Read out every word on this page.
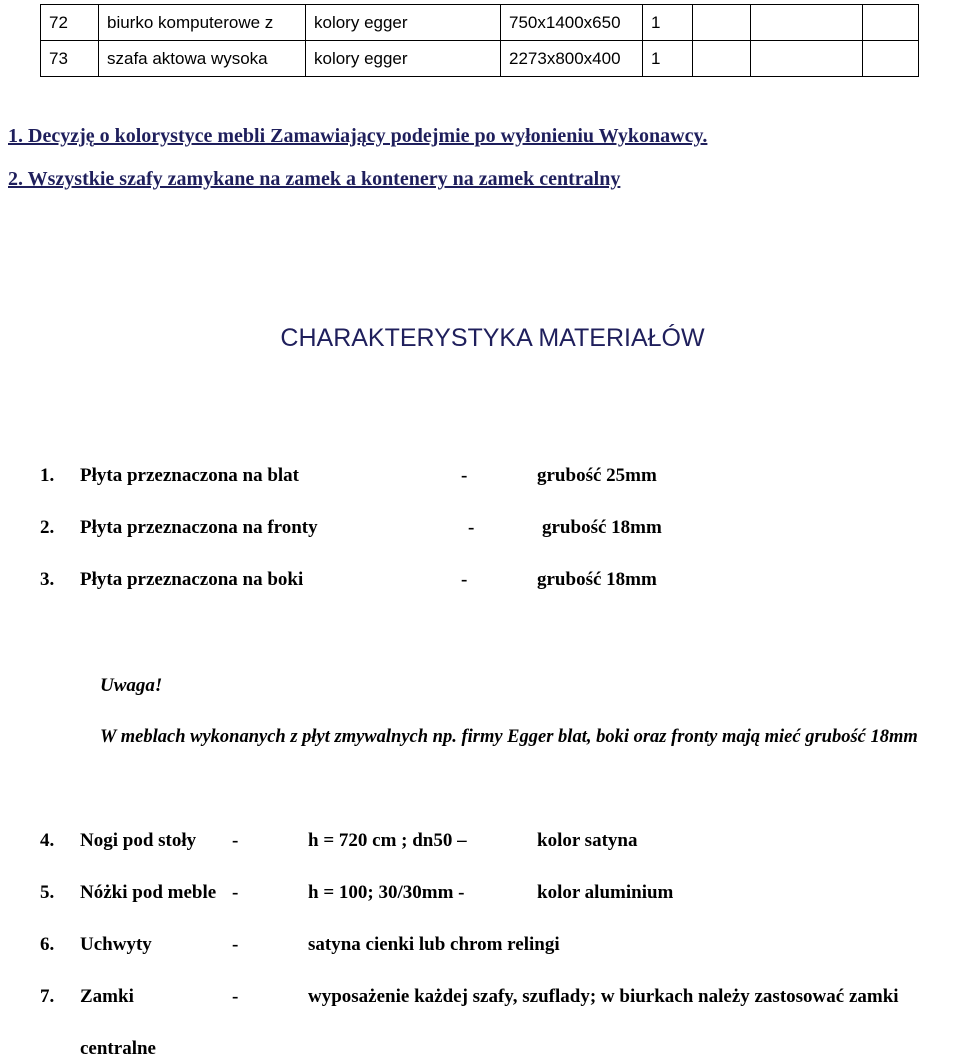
72	biurko komputerowe z	kolory egger	750x1400x650	1			
73	szafa aktowa wysoka	kolory egger	2273x800x400	1			
1. Decyzję o kolorystyce mebli Zamawiający podejmie po wyłonieniu Wykonawcy.
2. Wszystkie szafy zamykane na zamek a kontenery na zamek centralny
CHARAKTERYSTYKA MATERIAŁÓW
1. Płyta przeznaczona na blat	-	grubość 25mm
2. Płyta przeznaczona na fronty	-	grubość 18mm
3. Płyta przeznaczona na boki	-	grubość 18mm
Uwaga!
W meblach wykonanych z płyt zmywalnych np. firmy Egger blat, boki oraz fronty mają mieć grubość 18mm
4. Nogi pod stoły -	h = 720 cm ; dn50 –	kolor satyna
5. Nóżki pod meble -	h = 100; 30/30mm -	kolor aluminium
6. Uchwyty	-	satyna cienki lub chrom relingi
7. Zamki	-	wyposażenie każdej szafy, szuflady; w biurkach należy zastosować zamki
centralne
